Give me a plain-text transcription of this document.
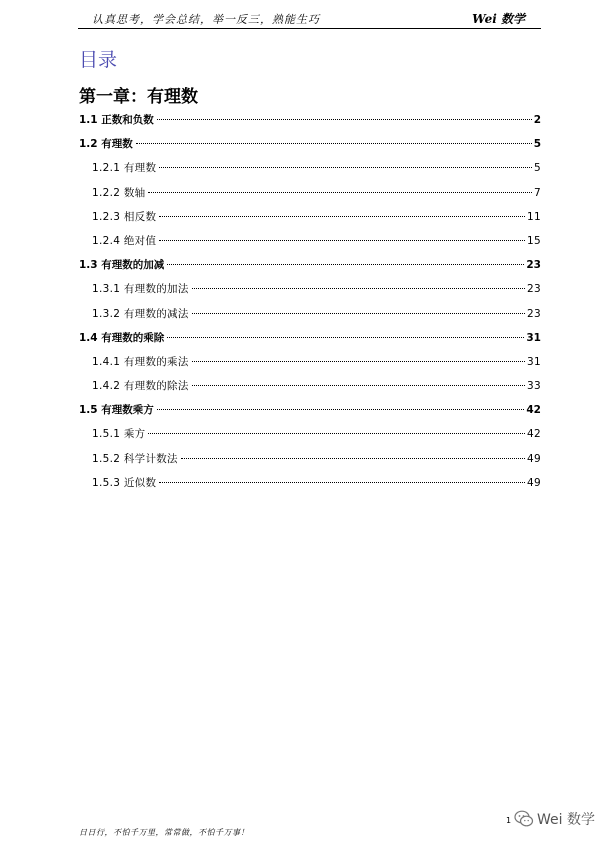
认真思考，学会总结，举一反三，熟能生巧	Wei 数学
目录
第一章：有理数
1.1 正数和负数	2
1.2 有理数	5
1.2.1 有理数	5
1.2.2 数轴	7
1.2.3 相反数	11
1.2.4 绝对值	15
1.3 有理数的加减	23
1.3.1 有理数的加法	23
1.3.2 有理数的减法	23
1.4 有理数的乘除	31
1.4.1 有理数的乘法	31
1.4.2 有理数的除法	33
1.5 有理数乘方	42
1.5.1 乘方	42
1.5.2 科学计数法	49
1.5.3 近似数	49
日日行，不怕千万里，常常做，不怕千万事！
1 Wei 数学
